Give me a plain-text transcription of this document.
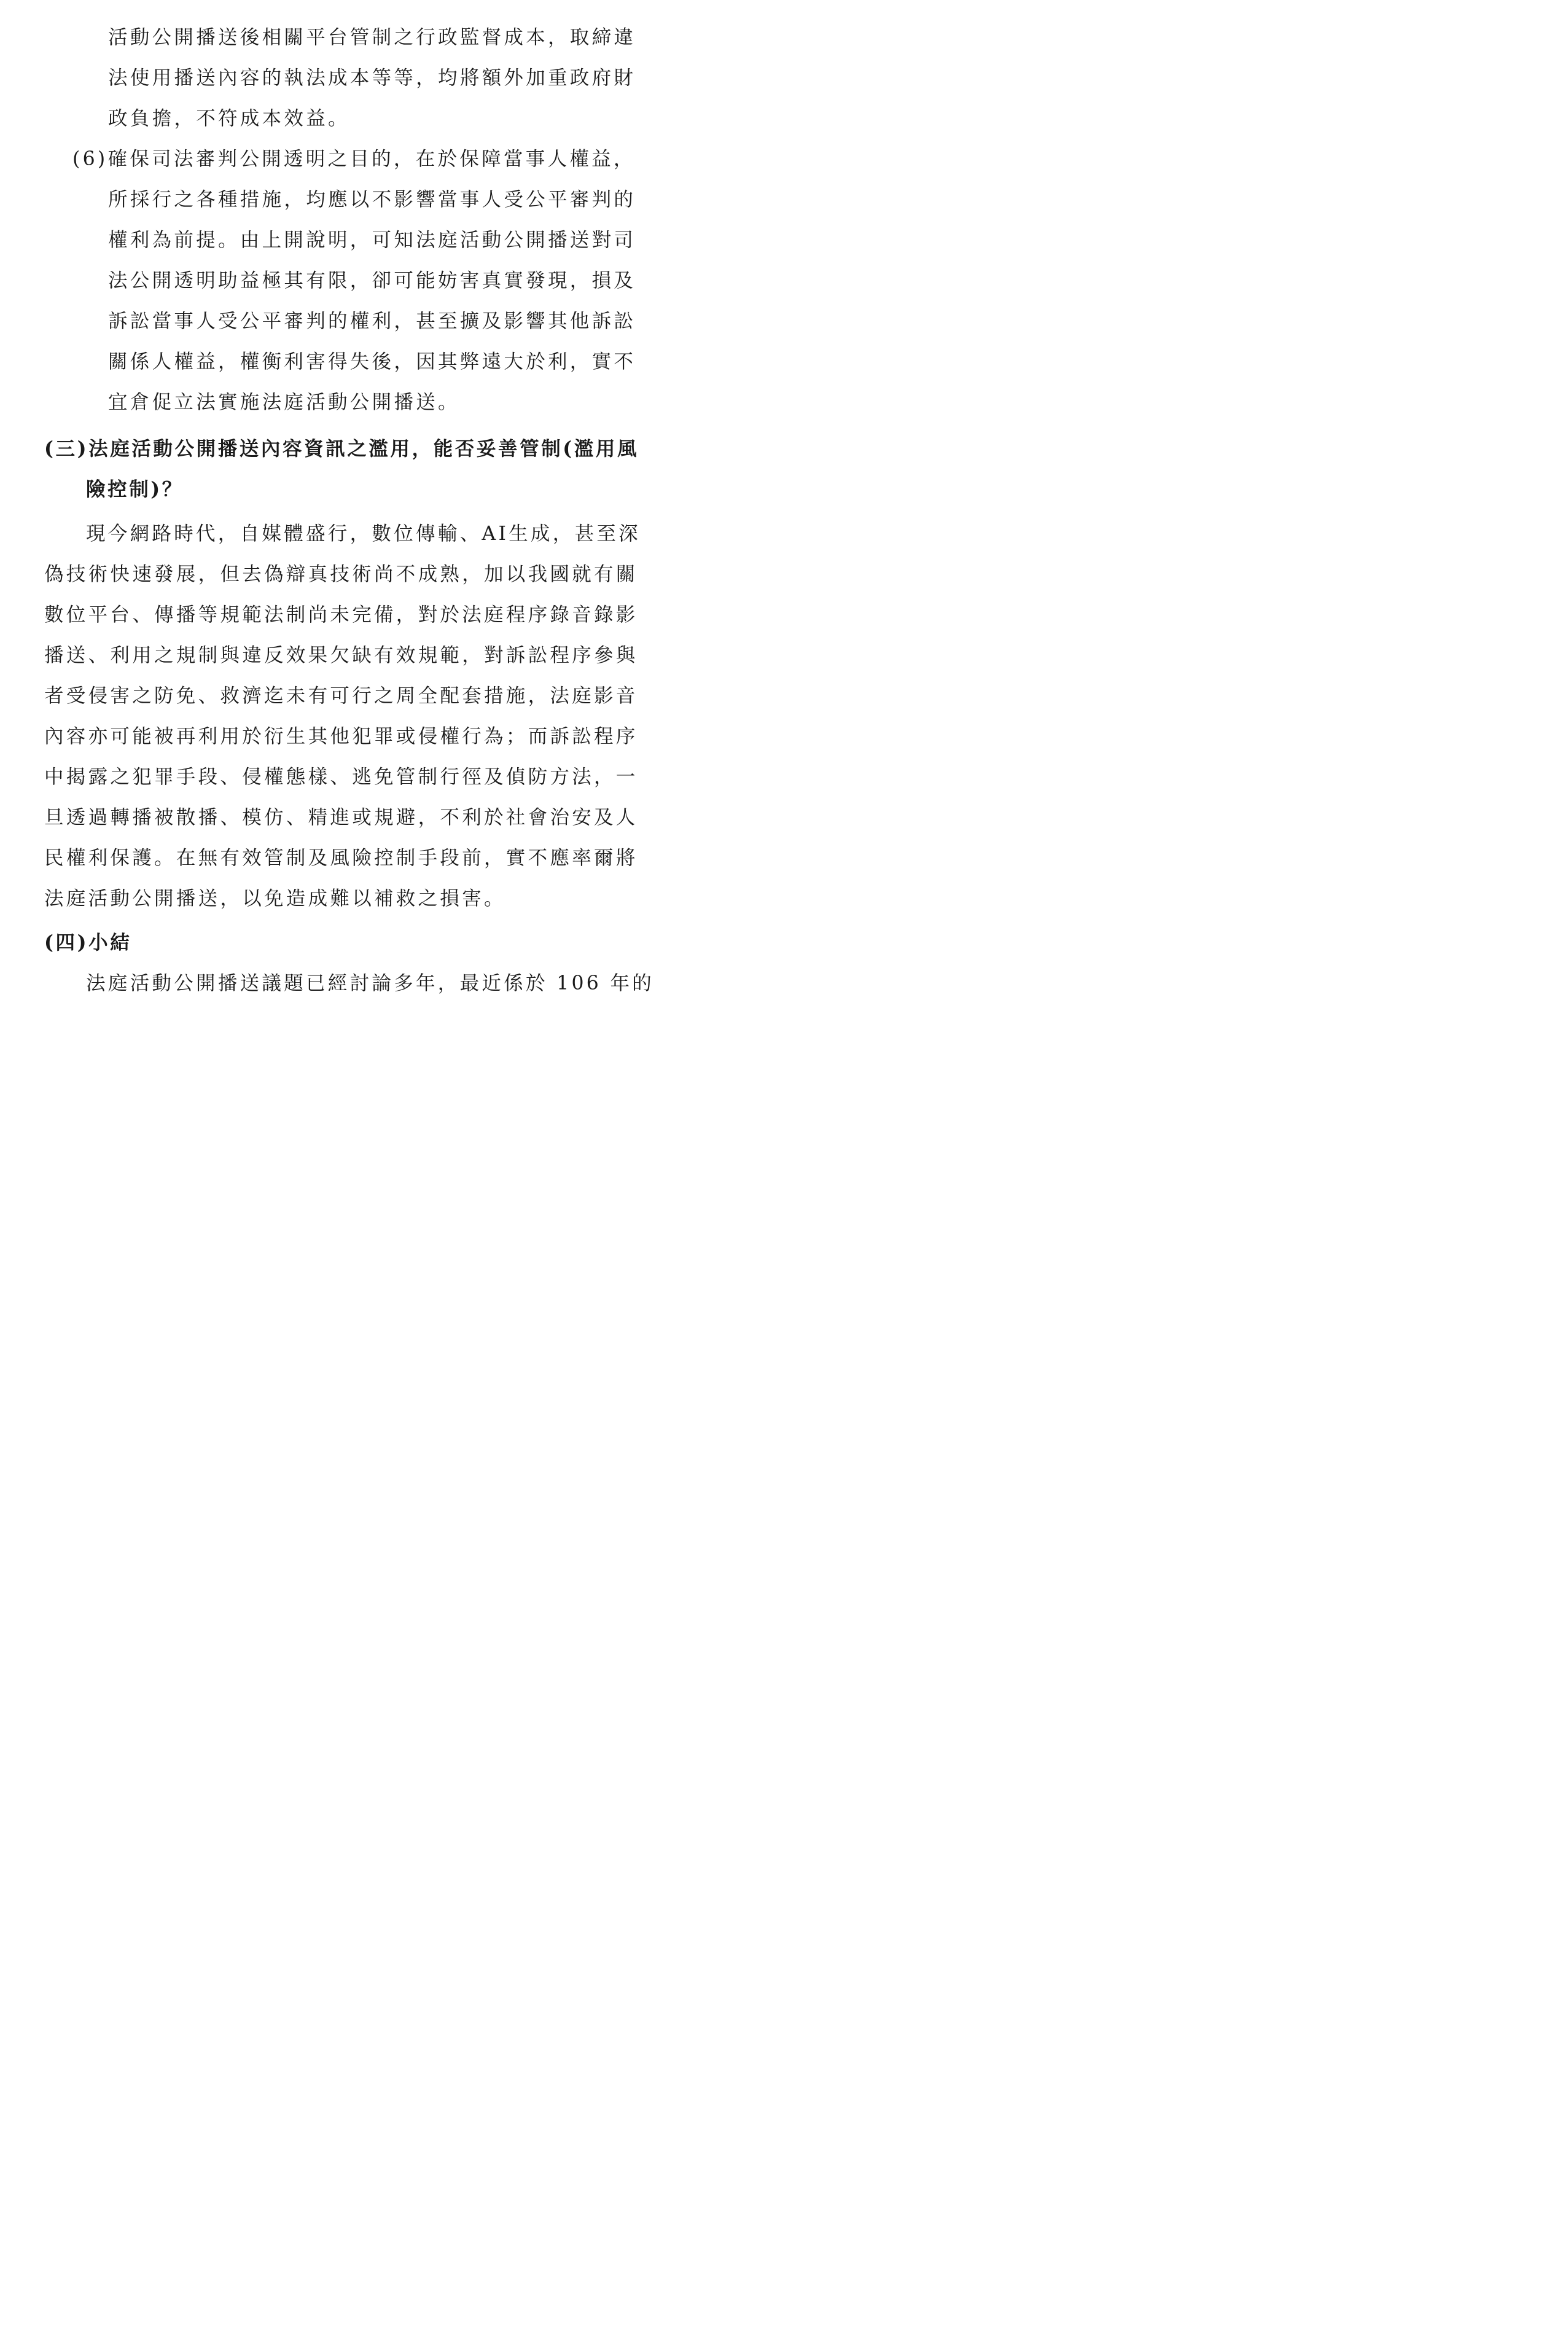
活動公開播送後相關平台管制之行政監督成本，取締違
法使用播送內容的執法成本等等，均將額外加重政府財
政負擔，不符成本效益。
(6)確保司法審判公開透明之目的，在於保障當事人權益，
所採行之各種措施，均應以不影響當事人受公平審判的
權利為前提。由上開說明，可知法庭活動公開播送對司
法公開透明助益極其有限，卻可能妨害真實發現，損及
訴訟當事人受公平審判的權利，甚至擴及影響其他訴訟
關係人權益，權衡利害得失後，因其弊遠大於利，實不
宜倉促立法實施法庭活動公開播送。
(三)法庭活動公開播送內容資訊之濫用，能否妥善管制(濫用風
險控制)？
現今網路時代，自媒體盛行，數位傳輸、AI生成，甚至深
偽技術快速發展，但去偽辯真技術尚不成熟，加以我國就有關
數位平台、傳播等規範法制尚未完備，對於法庭程序錄音錄影
播送、利用之規制與違反效果欠缺有效規範，對訴訟程序參與
者受侵害之防免、救濟迄未有可行之周全配套措施，法庭影音
內容亦可能被再利用於衍生其他犯罪或侵權行為；而訴訟程序
中揭露之犯罪手段、侵權態樣、逃免管制行徑及偵防方法，一
旦透過轉播被散播、模仿、精進或規避，不利於社會治安及人
民權利保護。在無有效管制及風險控制手段前，實不應率爾將
法庭活動公開播送，以免造成難以補救之損害。
(四)小結
法庭活動公開播送議題已經討論多年，最近係於 106 年的
